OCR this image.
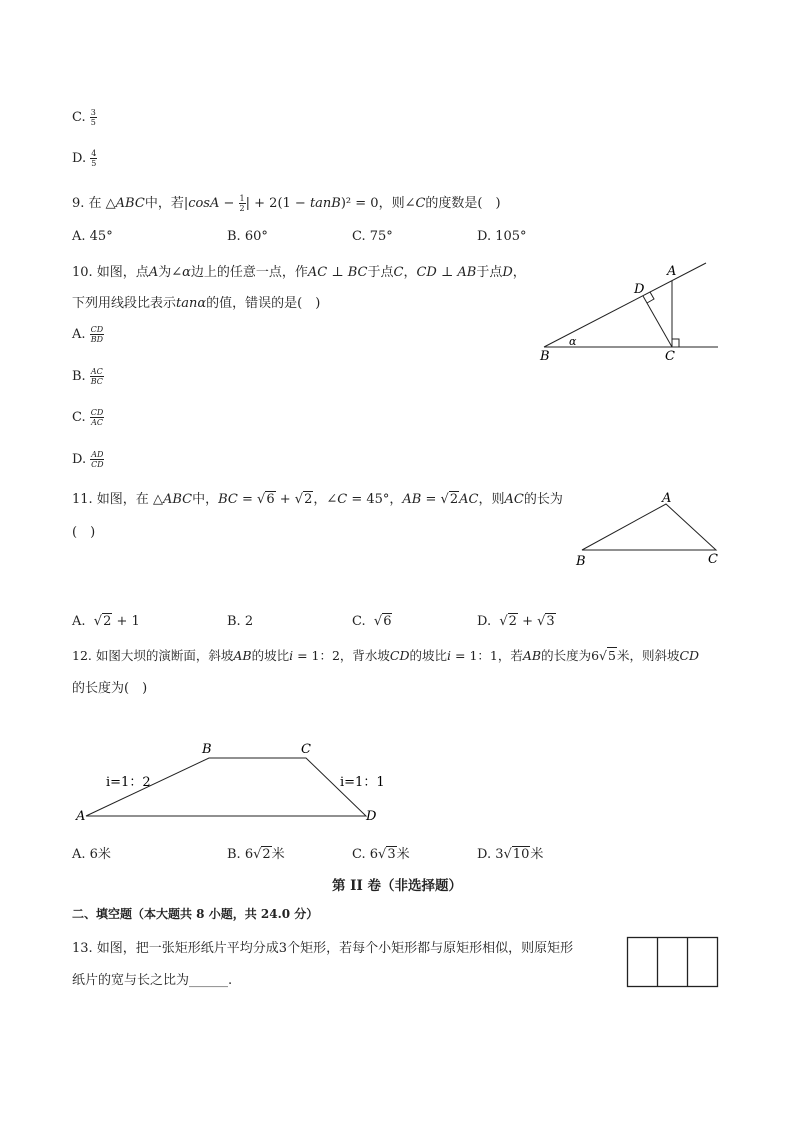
C. $\frac{3}{5}$
D. $\frac{4}{5}$
9. 在 △ABC中，若$|\cos A - \frac{1}{2}$ | + 2(1 − tanB)² = 0，则∠C的度数是(　)
A. 45°	B. 60°	C. 75°	D. 105°
10. 如图，点A为∠α边上的任意一点，作AC ⊥ BC于点C，CD ⊥ AB于点D，
下列用线段比表示tanα的值，错误的是(　)
A. $\frac{CD}{BD}$
B. $\frac{AC}{BC}$
C. $\frac{CD}{AC}$
D. $\frac{AD}{CD}$
A
D
B	C
α
11. 如图，在 △ABC中，BC = √6 + √2，∠C = 45°，AB = √2AC，则AC的长为
(　)
A
B	C
A.  √2 + 1	B. 2	C.  √6	D.  √2 + √3
12. 如图大坝的演断面，斜坡AB的坡比i = 1：2，背水坡CD的坡比i = 1：1，若AB的长度为6√5米，则斜坡CD
的长度为(　)
A
B	C
D
i=1：2	i=1：1
A. 6米	B. 6√2米	C. 6√3米	D. 3√10米
第 II 卷（非选择题）
二、填空题（本大题共 8 小题，共 24.0 分）
13. 如图，把一张矩形纸片平均分成3个矩形，若每个小矩形都与原矩形相似，则原矩形
纸片的宽与长之比为______.
